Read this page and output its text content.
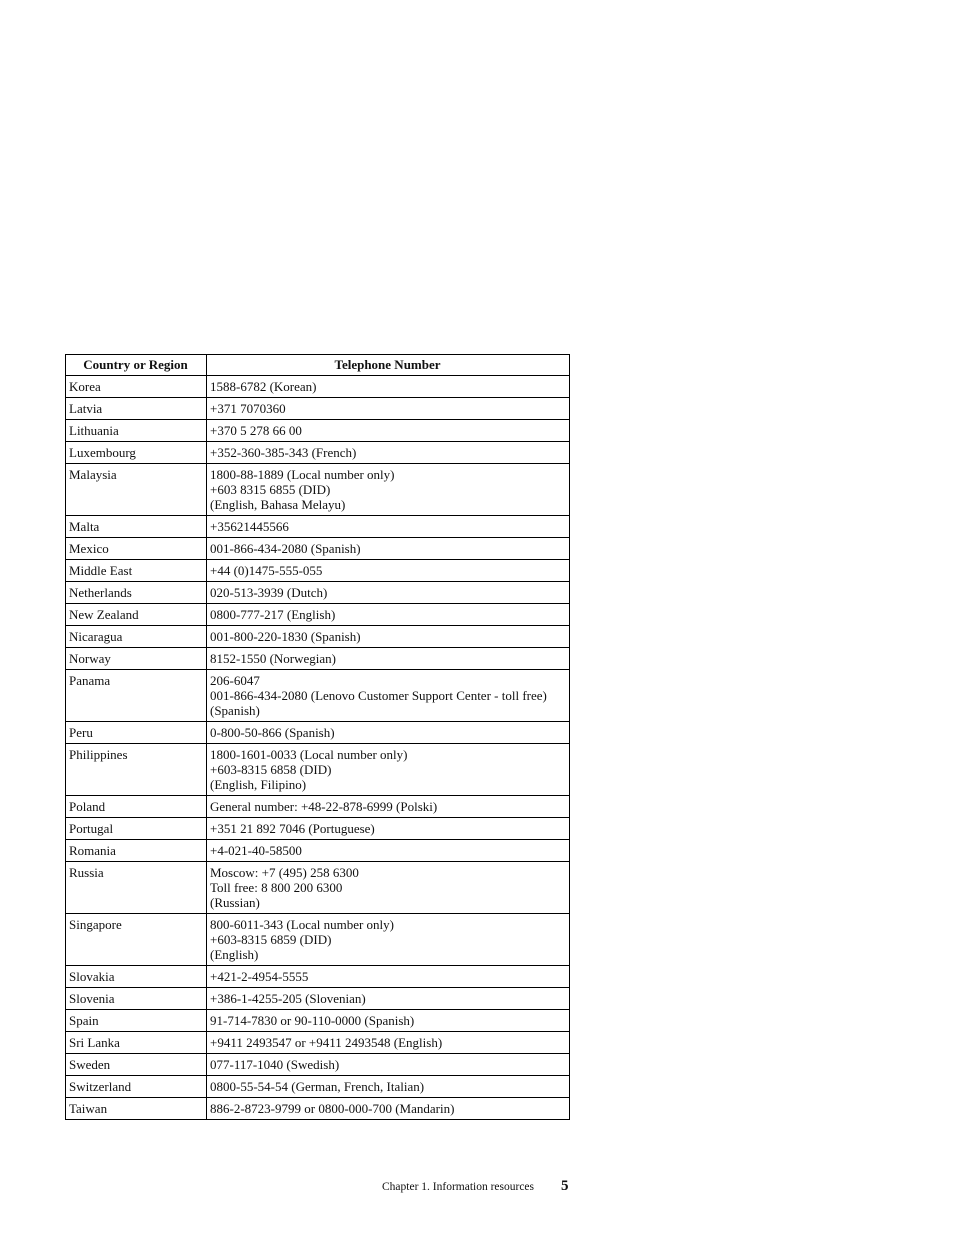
Country or Region	Telephone Number
Korea	1588-6782 (Korean)
Latvia	+371 7070360
Lithuania	+370 5 278 66 00
Luxembourg	+352-360-385-343 (French)
Malaysia	1800-88-1889 (Local number only)
+603 8315 6855 (DID)
(English, Bahasa Melayu)
Malta	+35621445566
Mexico	001-866-434-2080 (Spanish)
Middle East	+44 (0)1475-555-055
Netherlands	020-513-3939 (Dutch)
New Zealand	0800-777-217 (English)
Nicaragua	001-800-220-1830 (Spanish)
Norway	8152-1550 (Norwegian)
Panama	206-6047
001-866-434-2080 (Lenovo Customer Support Center - toll free)
(Spanish)
Peru	0-800-50-866 (Spanish)
Philippines	1800-1601-0033 (Local number only)
+603-8315 6858 (DID)
(English, Filipino)
Poland	General number: +48-22-878-6999 (Polski)
Portugal	+351 21 892 7046 (Portuguese)
Romania	+4-021-40-58500
Russia	Moscow: +7 (495) 258 6300
Toll free: 8 800 200 6300
(Russian)
Singapore	800-6011-343 (Local number only)
+603-8315 6859 (DID)
(English)
Slovakia	+421-2-4954-5555
Slovenia	+386-1-4255-205 (Slovenian)
Spain	91-714-7830 or 90-110-0000 (Spanish)
Sri Lanka	+9411 2493547 or +9411 2493548 (English)
Sweden	077-117-1040 (Swedish)
Switzerland	0800-55-54-54 (German, French, Italian)
Taiwan	886-2-8723-9799 or 0800-000-700 (Mandarin)
Chapter 1. Information resources 5
